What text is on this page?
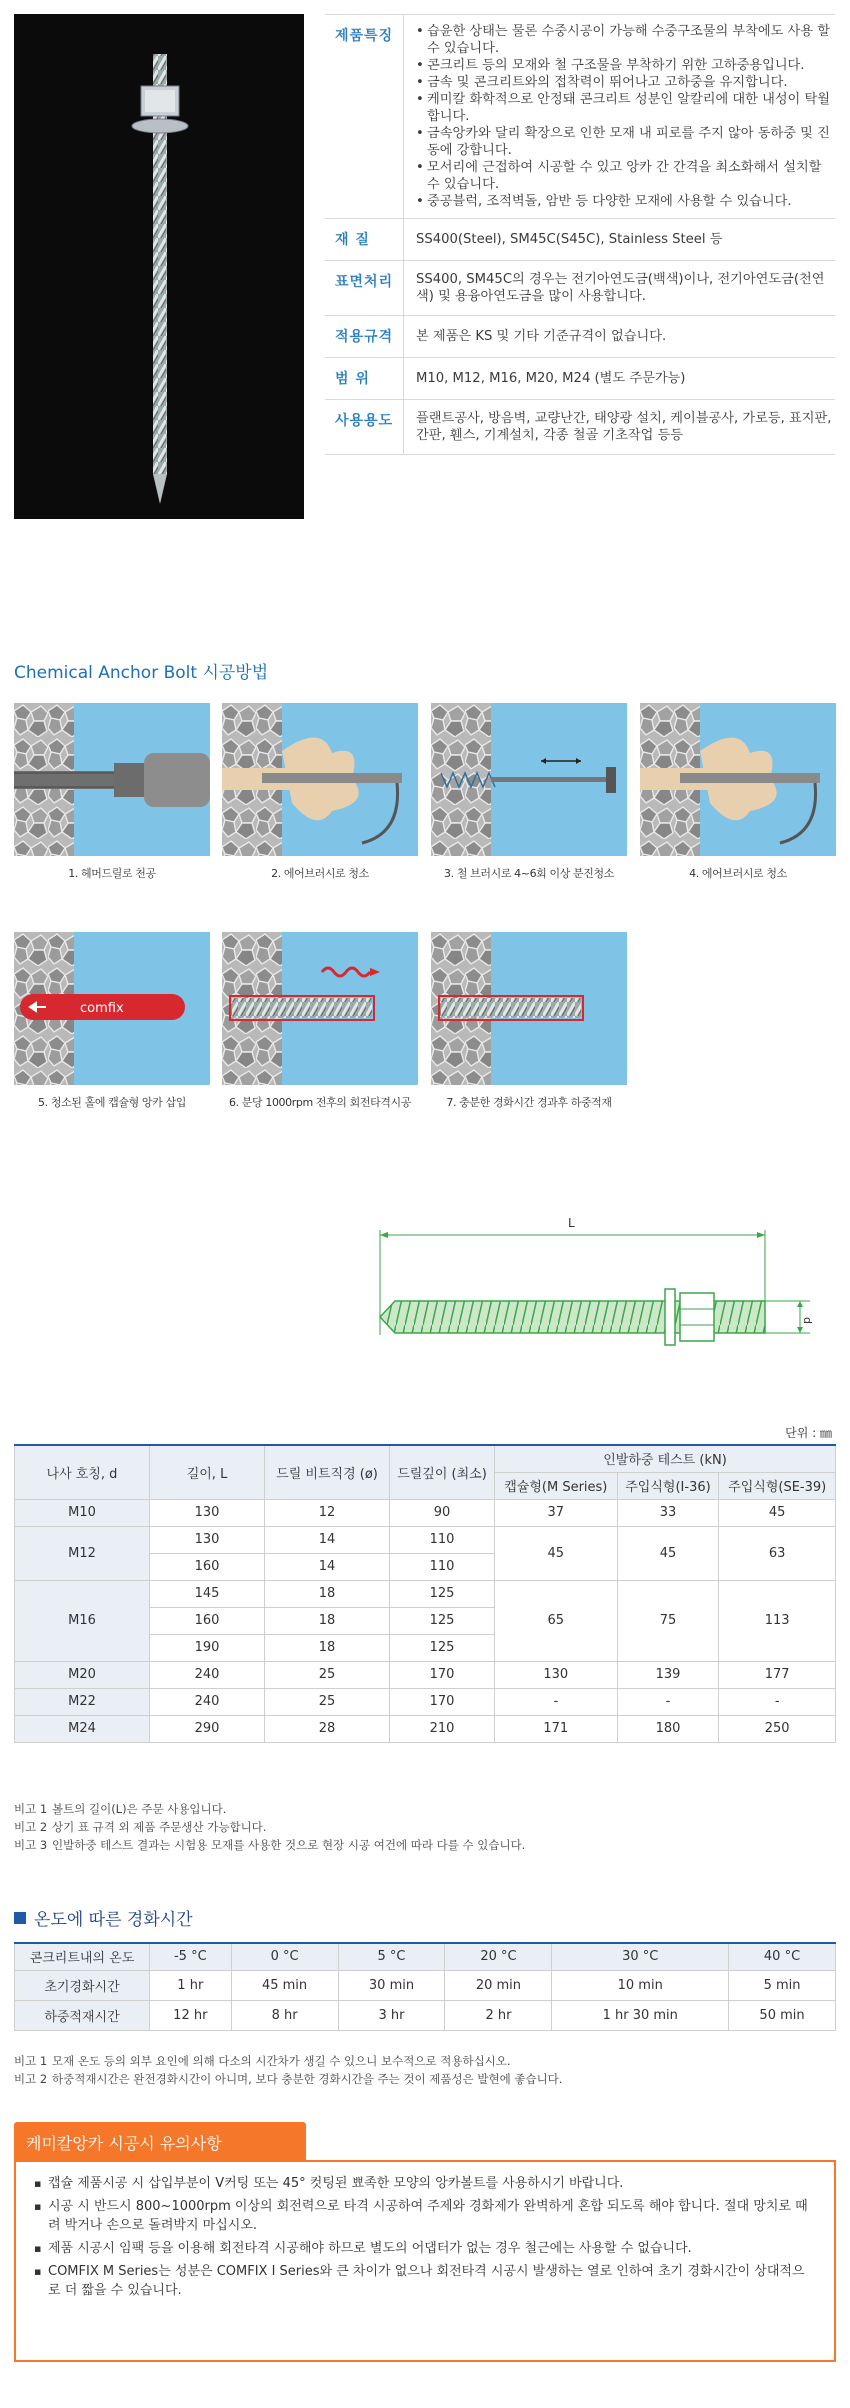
제품특징	• 습윤한 상태는 물론 수중시공이 가능해 수중구조물의 부착에도 사용 할 수 있습니다.
• 콘크리트 등의 모재와 철 구조물을 부착하기 위한 고하중용입니다.
• 금속 및 콘크리트와의 접착력이 뛰어나고 고하중을 유지합니다.
• 케미칼 화학적으로 안정돼 콘크리트 성분인 알칼리에 대한 내성이 탁월합니다.
• 금속앙카와 달리 확장으로 인한 모재 내 피로를 주지 않아 동하중 및 진동에 강합니다.
• 모서리에 근접하여 시공할 수 있고 앙카 간 간격을 최소화해서 설치할 수 있습니다.
• 중공블럭, 조적벽돌, 암반 등 다양한 모재에 사용할 수 있습니다.
재 질	SS400(Steel), SM45C(S45C), Stainless Steel 등
표면처리	SS400, SM45C의 경우는 전기아연도금(백색)이나, 전기아연도금(천연색) 및 용융아연도금을 많이 사용합니다.
적용규격	본 제품은 KS 및 기타 기준규격이 없습니다.
범 위	M10, M12, M16, M20, M24 (별도 주문가능)
사용용도	플랜트공사, 방음벽, 교량난간, 태양광 설치, 케이블공사, 가로등, 표지판, 간판, 휀스, 기계설치, 각종 철골 기초작업 등등
Chemical Anchor Bolt 시공방법
1. 헤머드릴로 천공	2. 에어브러시로 청소	3. 철 브러시로 4~6회 이상 분진청소	4. 에어브러시로 청소
comfix
5. 청소된 홀에 캡슐형 앙카 삽입	6. 분당 1000rpm 전후의 회전타격시공	7. 충분한 경화시간 경과후 하중적재
L
d
단위 : ㎜
나사 호칭, d	길이, L	드릴 비트직경 (ø)	드릴깊이 (최소)	인발하중 테스트 (kN)		
				캡슐형(M Series)	주입식형(I-36)	주입식형(SE-39)
M10	130	12	90	37	33	45
M12	130	14	110	45	45	63
	160	14	110			
M16	145	18	125	65	75	113
	160	18	125			
	190	18	125			
M20	240	25	170	130	139	177
M22	240	25	170	-	-	-
M24	290	28	210	171	180	250
비고 1 볼트의 길이(L)은 주문 사용입니다.
비고 2 상기 표 규격 외 제품 주문생산 가능합니다.
비고 3 인발하중 테스트 결과는 시험용 모재를 사용한 것으로 현장 시공 여건에 따라 다를 수 있습니다.
온도에 따른 경화시간
콘크리트내의 온도	-5 °C	0 °C	5 °C	20 °C	30 °C	40 °C
초기경화시간	1 hr	45 min	30 min	20 min	10 min	5 min
하중적재시간	12 hr	8 hr	3 hr	2 hr	1 hr 30 min	50 min
비고 1 모재 온도 등의 외부 요인에 의해 다소의 시간차가 생길 수 있으니 보수적으로 적용하십시오.
비고 2 하중적재시간은 완전경화시간이 아니며, 보다 충분한 경화시간을 주는 것이 제품성은 발현에 좋습니다.
케미칼앙카 시공시 유의사항
▪ 캡슐 제품시공 시 삽입부분이 V커팅 또는 45° 컷팅된 뾰족한 모양의 앙카볼트를 사용하시기 바랍니다.
▪ 시공 시 반드시 800~1000rpm 이상의 회전력으로 타격 시공하여 주제와 경화제가 완벽하게 혼합 되도록 해야 합니다. 절대 망치로 때려 박거나 손으로 돌려박지 마십시오.
▪ 제품 시공시 임팩 등을 이용해 회전타격 시공해야 하므로 별도의 어댑터가 없는 경우 철근에는 사용할 수 없습니다.
▪ COMFIX M Series는 성분은 COMFIX I Series와 큰 차이가 없으나 회전타격 시공시 발생하는 열로 인하여 초기 경화시간이 상대적으로 더 짧을 수 있습니다.
